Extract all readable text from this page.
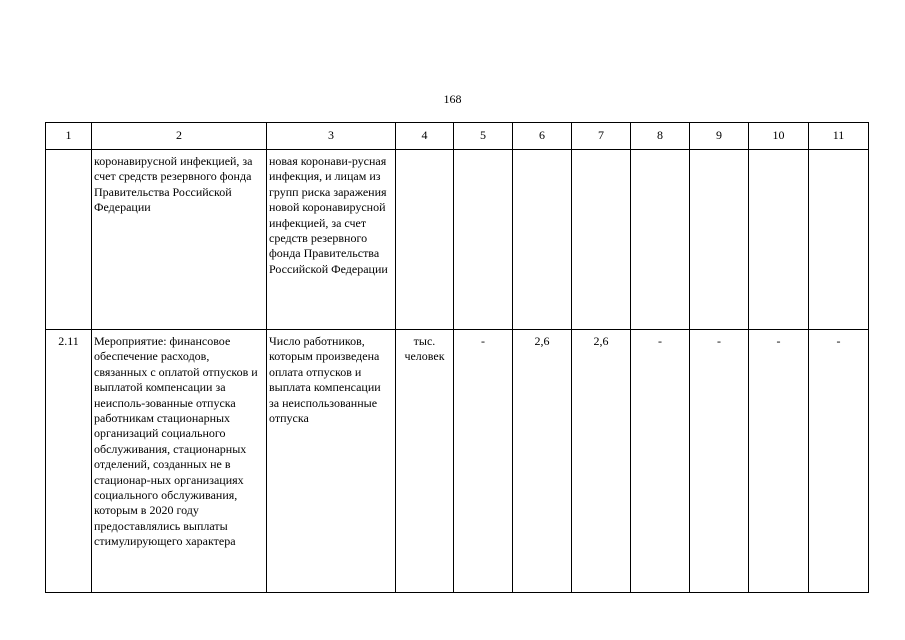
168
1	2	3	4	5	6	7	8	9	10	11
	коронавирусной инфекцией, за счет средств резервного фонда Правительства Российской Федерации	новая коронави-русная инфекция, и лицам из групп риска заражения новой коронавирусной инфекцией, за счет средств резервного фонда Правительства Российской Федерации								
2.11	Мероприятие: финансовое обеспечение расходов, связанных с оплатой отпусков и выплатой компенсации за неисполь-зованные отпуска работникам стационарных организаций социального обслуживания, стационарных отделений, созданных не в стационар-ных организациях социального обслуживания, которым в 2020 году предоставлялись выплаты стимулирующего характера	Число работников, которым произведена оплата отпусков и выплата компенсации за неиспользованные отпуска	тыс. человек	-	2,6	2,6	-	-	-	-
